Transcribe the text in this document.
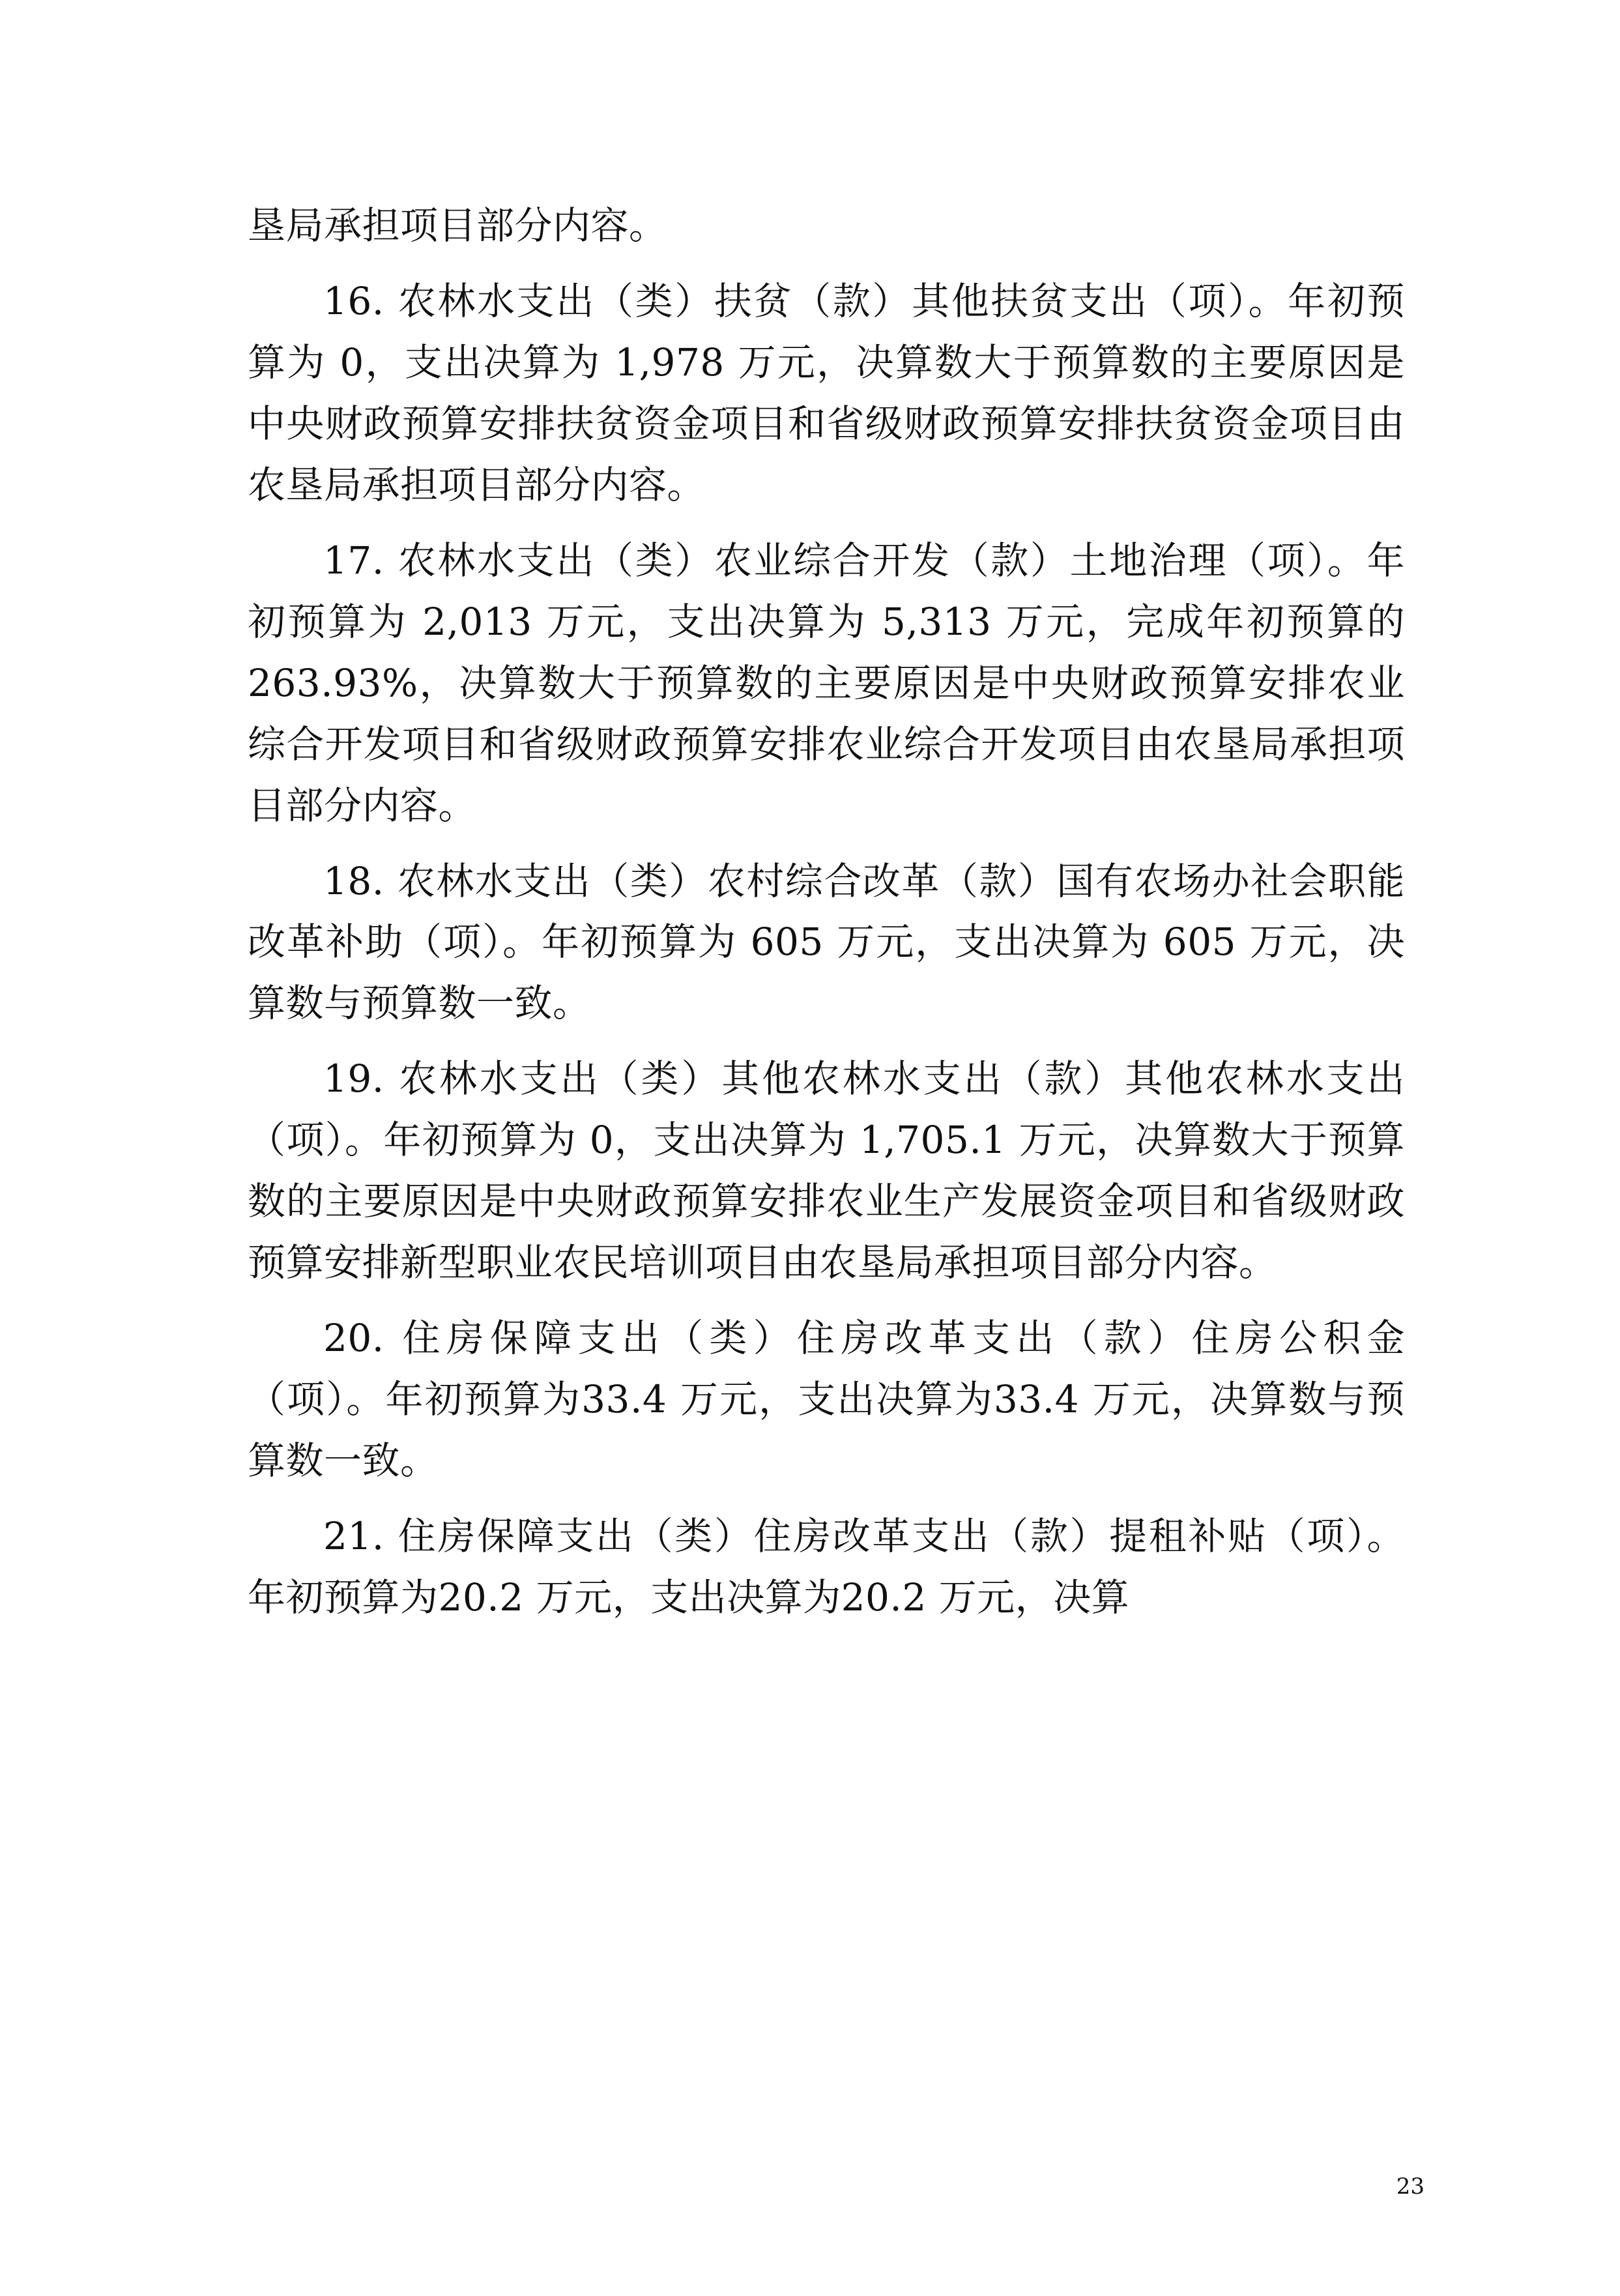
垦局承担项目部分内容。

16. 农林水支出（类）扶贫（款）其他扶贫支出（项）。年初预算为 0，支出决算为 1,978 万元，决算数大于预算数的主要原因是中央财政预算安排扶贫资金项目和省级财政预算安排扶贫资金项目由农垦局承担项目部分内容。

17. 农林水支出（类）农业综合开发（款）土地治理（项）。年初预算为 2,013 万元，支出决算为 5,313 万元，完成年初预算的 263.93%，决算数大于预算数的主要原因是中央财政预算安排农业综合开发项目和省级财政预算安排农业综合开发项目由农垦局承担项目部分内容。

18. 农林水支出（类）农村综合改革（款）国有农场办社会职能改革补助（项）。年初预算为 605 万元，支出决算为 605 万元，决算数与预算数一致。

19. 农林水支出（类）其他农林水支出（款）其他农林水支出（项）。年初预算为 0，支出决算为 1,705.1 万元，决算数大于预算数的主要原因是中央财政预算安排农业生产发展资金项目和省级财政预算安排新型职业农民培训项目由农垦局承担项目部分内容。

20. 住房保障支出（类）住房改革支出（款）住房公积金（项）。年初预算为33.4 万元，支出决算为33.4 万元，决算数与预算数一致。

21. 住房保障支出（类）住房改革支出（款）提租补贴（项）。年初预算为20.2 万元，支出决算为20.2 万元，决算

23
